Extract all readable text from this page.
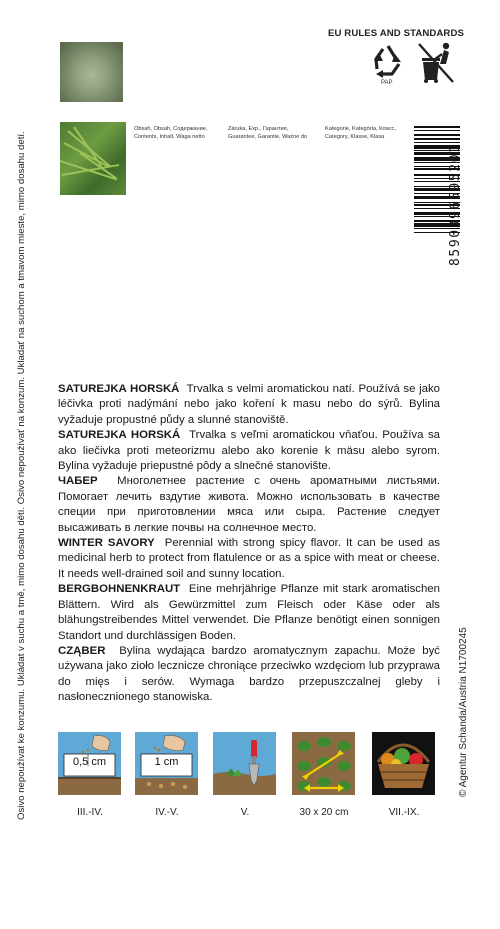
Osivo nepoužívat ke konzumu. Ukládat v suchu a tmě, mimo dosahu dětí. Osivo nepoužívať na konzum. Ukladať na suchom a tmavom mieste, mimo dosahu detí.
Obsah, Obsah, Содержание,
Contents, Inhalt, Waga netto
Záruka, Exp., Гарантия,
Guarantee, Garantie, Ważne do
Kategorie, Kategória, Класс,
Category, Klasse, Klasa
EU RULES AND STANDARDS
PAP
8590396595201

SATUREJKA HORSKÁ Trvalka s velmi aromatickou natí. Používá se jako léčivka proti nadýmání nebo jako koření k masu nebo do sýrů. Bylina vyžaduje propustné půdy a slunné stanoviště.

SATUREJKA HORSKÁ Trvalka s veľmi aromatickou vňaťou. Používa sa ako liečivka proti meteorizmu alebo ako korenie k mäsu alebo syrom. Bylina vyžaduje priepustné pôdy a slnečné stanovište.

ЧАБЕР Многолетнее растение с очень ароматными листьями. Помогает лечить вздутие живота. Можно использовать в качестве специи при приготовлении мяса или сыра. Растение следует высаживать в легкие почвы на солнечное место.

WINTER SAVORY Perennial with strong spicy flavor. It can be used as medicinal herb to protect from flatulence or as a spice with meat or cheese. It needs well-drained soil and sunny location.

BERGBOHNENKRAUT Eine mehrjährige Pflanze mit stark aromatischen Blättern. Wird als Gewürzmittel zum Fleisch oder Käse oder als blähungstreibendes Mittel verwendet. Die Pflanze benötigt einen sonnigen Standort und durchlässigen Boden.

CZĄBER Bylina wydająca bardzo aromatycznym zapachu. Może być używana jako zioło lecznicze chroniące przeciwko wzdęciom lub przyprawa do mięs i serów. Wymaga bardzo przepuszczalnej gleby i nasłonecznionego stanowiska.	© Agentur Schanda/Austria N1700245
0,5 cm	1 cm
III.-IV.	IV.-V.	V.	30 x 20 cm	VII.-IX.
